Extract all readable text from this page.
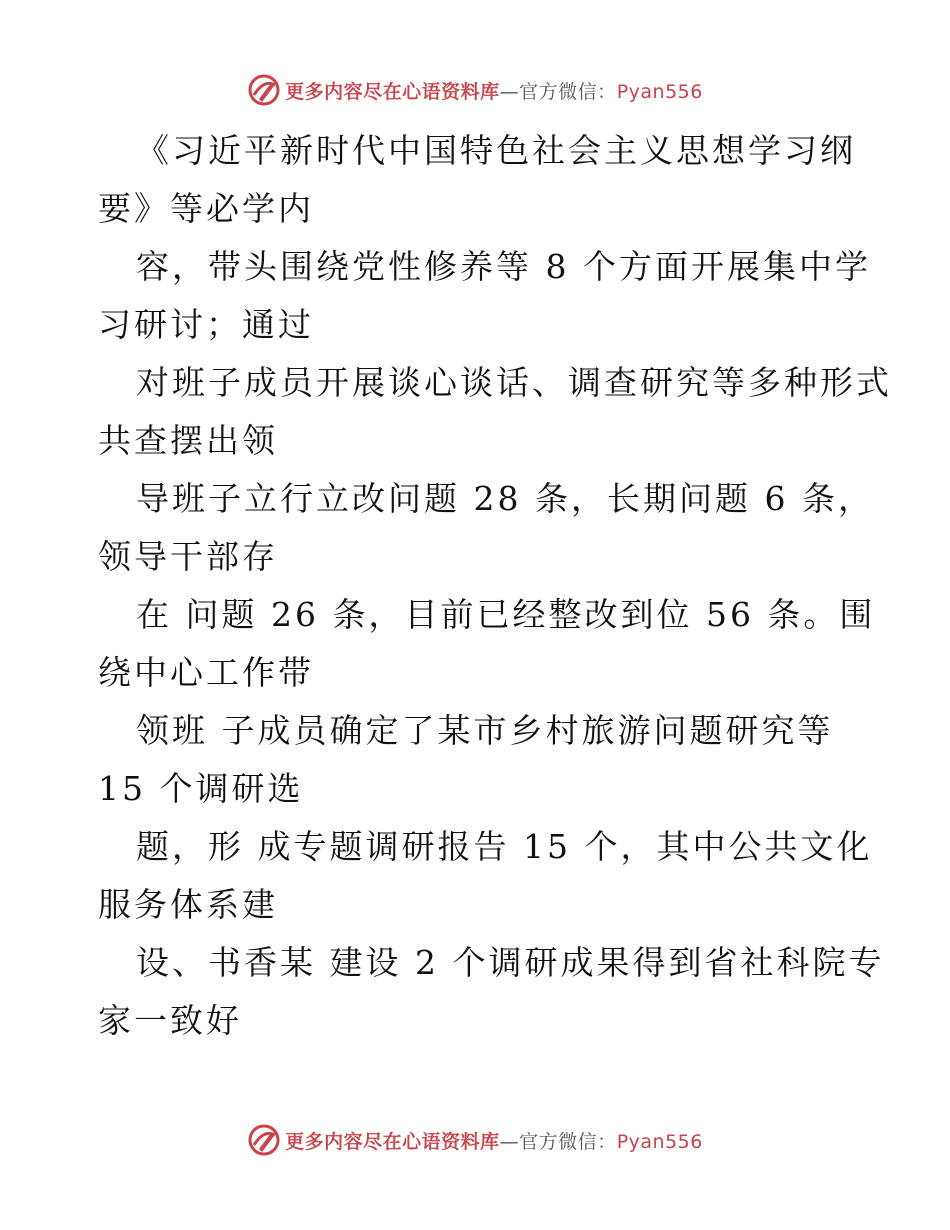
更多内容尽在心语资料库—官方微信：Pyan556
《习近平新时代中国特色社会主义思想学习纲
要》等必学内
容，带头围绕党性修养等 8 个方面开展集中学
习研讨；通过
对班子成员开展谈心谈话、调查研究等多种形式
共查摆出领
导班子立行立改问题 28 条，长期问题 6 条，
领导干部存
在 问题 26 条，目前已经整改到位 56 条。围
绕中心工作带
领班 子成员确定了某市乡村旅游问题研究等
15 个调研选
题，形 成专题调研报告 15 个，其中公共文化
服务体系建
设、书香某 建设 2 个调研成果得到省社科院专
家一致好
更多内容尽在心语资料库—官方微信：Pyan556
